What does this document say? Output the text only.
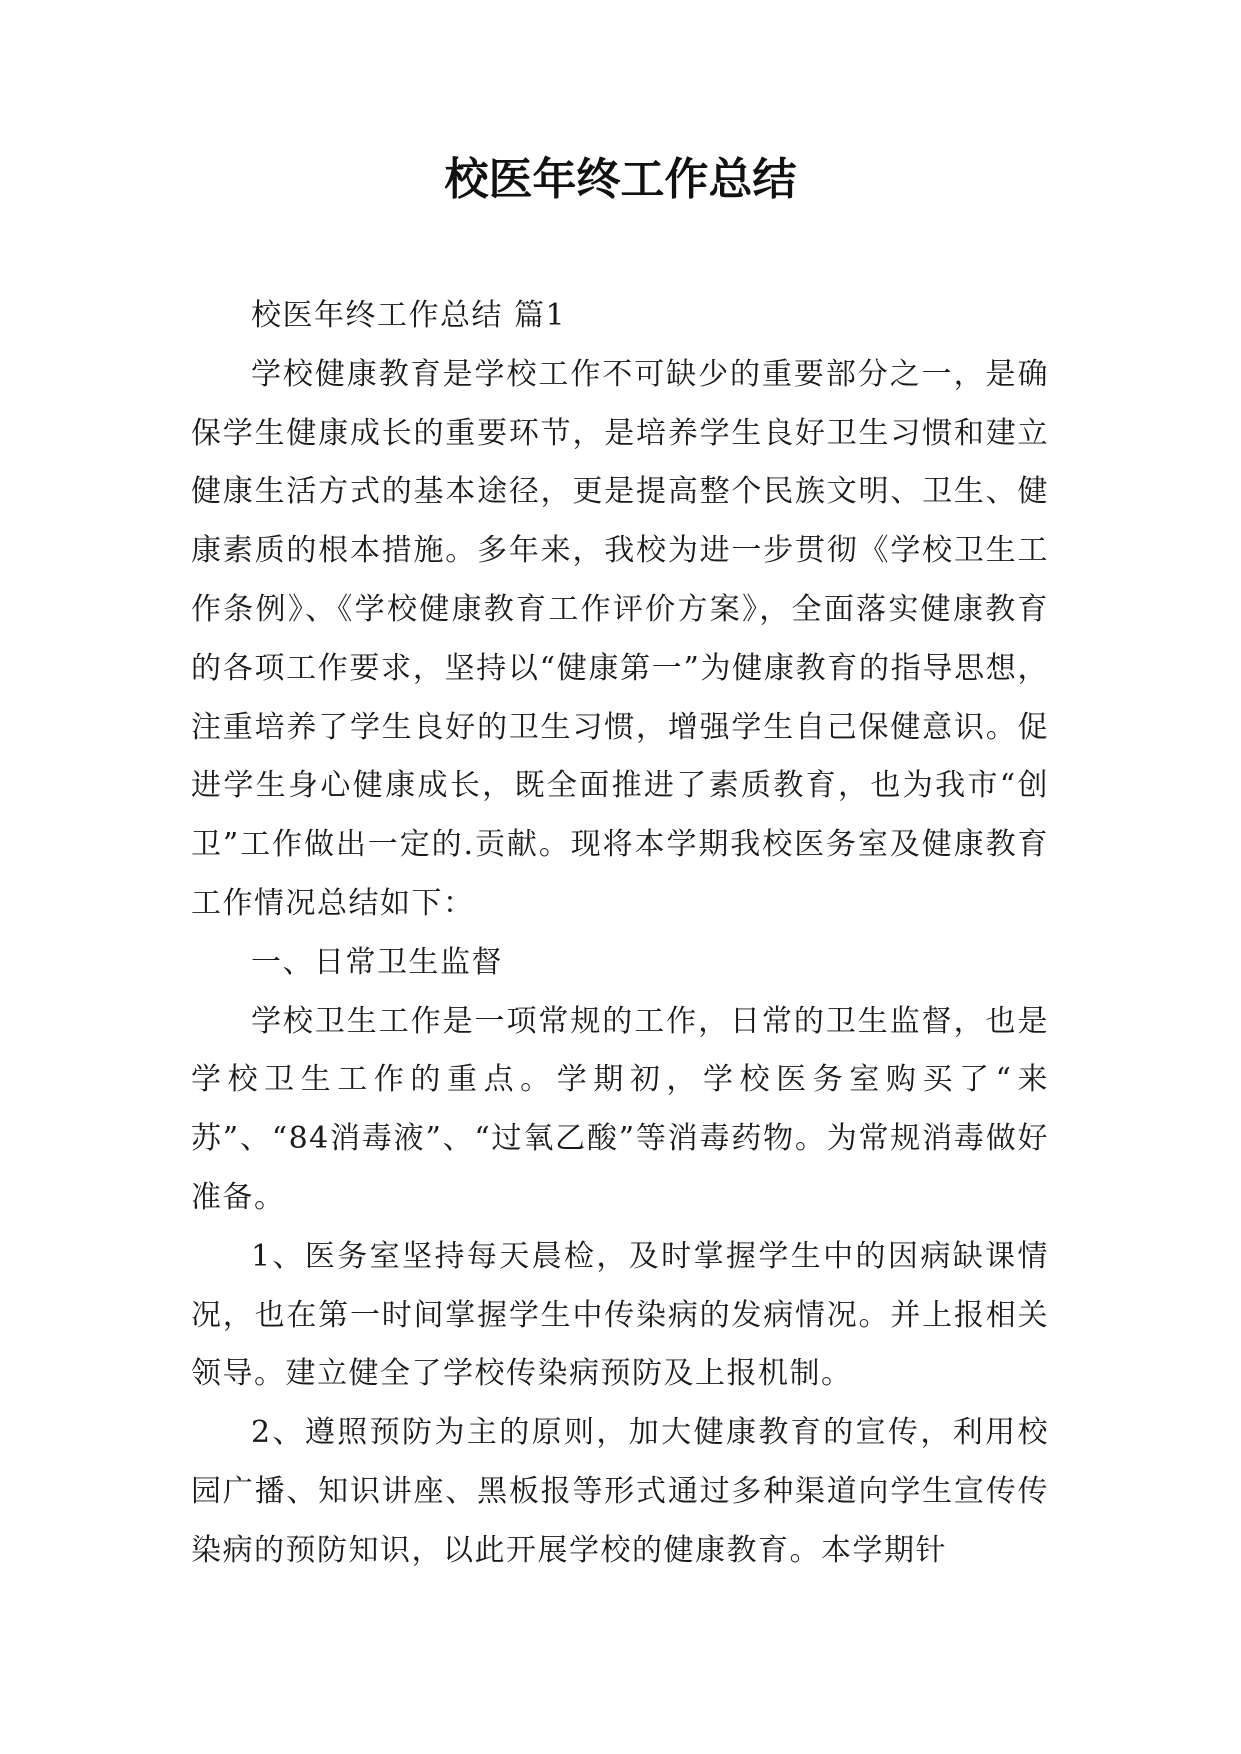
校医年终工作总结

校医年终工作总结 篇1

学校健康教育是学校工作不可缺少的重要部分之一，是确保学生健康成长的重要环节，是培养学生良好卫生习惯和建立健康生活方式的基本途径，更是提高整个民族文明、卫生、健康素质的根本措施。多年来，我校为进一步贯彻《学校卫生工作条例》、《学校健康教育工作评价方案》，全面落实健康教育的各项工作要求，坚持以“健康第一”为健康教育的指导思想，注重培养了学生良好的卫生习惯，增强学生自己保健意识。促进学生身心健康成长，既全面推进了素质教育，也为我市“创卫”工作做出一定的.贡献。现将本学期我校医务室及健康教育工作情况总结如下：

一、日常卫生监督

学校卫生工作是一项常规的工作，日常的卫生监督，也是学校卫生工作的重点。学期初，学校医务室购买了“来苏”、“84消毒液”、“过氧乙酸”等消毒药物。为常规消毒做好准备。

1、医务室坚持每天晨检，及时掌握学生中的因病缺课情况，也在第一时间掌握学生中传染病的发病情况。并上报相关领导。建立健全了学校传染病预防及上报机制。

2、遵照预防为主的原则，加大健康教育的宣传，利用校园广播、知识讲座、黑板报等形式通过多种渠道向学生宣传传染病的预防知识，以此开展学校的健康教育。本学期针
